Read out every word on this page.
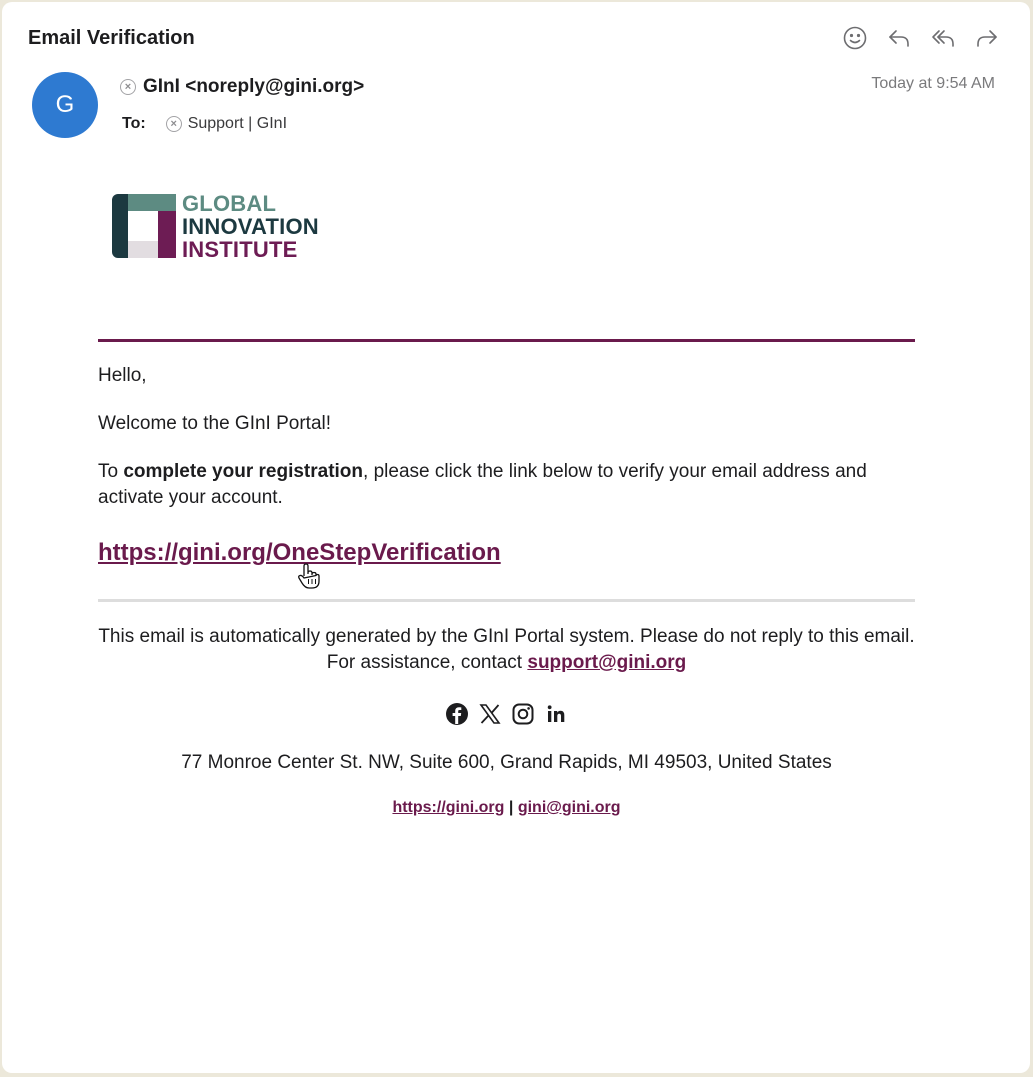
Email Verification
G
× GInI <noreply@gini.org>
To:	× Support | GInI
Today at 9:54 AM
GLOBAL
INNOVATION
INSTITUTE
Hello,
Welcome to the GInI Portal!
To complete your registration, please click the link below to verify your email address and activate your account.
https://gini.org/OneStepVerification
This email is automatically generated by the GInI Portal system. Please do not reply to this email. For assistance, contact support@gini.org
77 Monroe Center St. NW, Suite 600, Grand Rapids, MI 49503, United States
https://gini.org | gini@gini.org
